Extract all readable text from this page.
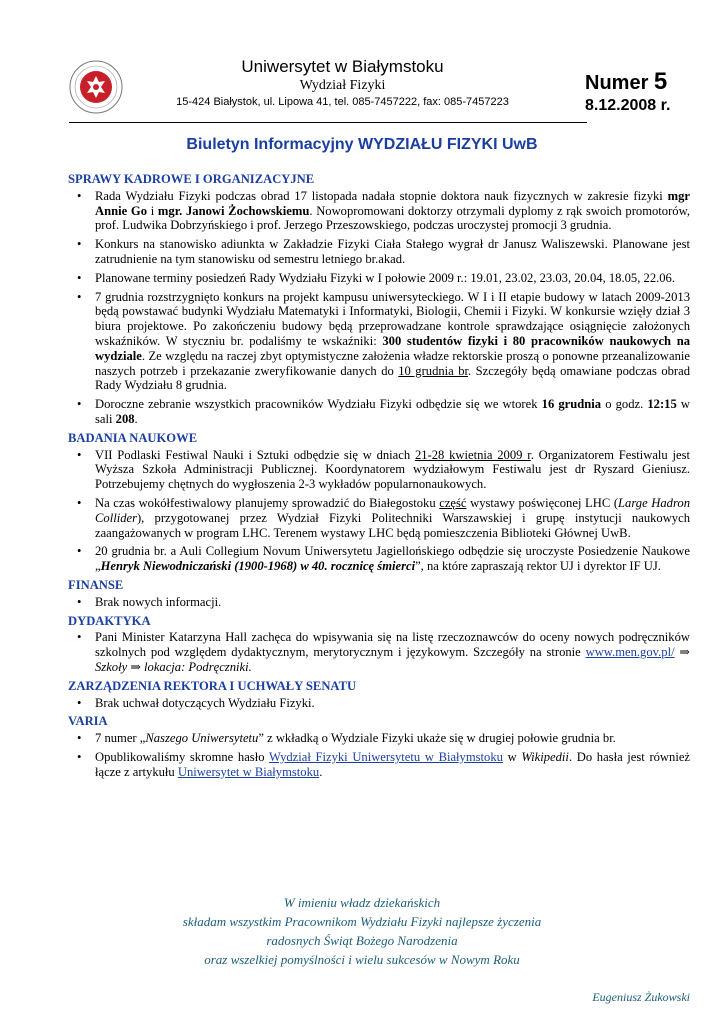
Uniwersytet w Białymstoku
Wydział Fizyki
15-424 Białystok, ul. Lipowa 41, tel. 085-7457222, fax: 085-7457223
Numer 5
8.12.2008 r.
Biuletyn Informacyjny WYDZIAŁU FIZYKI UwB

SPRAWY KADROWE I ORGANIZACYJNE

• Rada Wydziału Fizyki podczas obrad 17 listopada nadała stopnie doktora nauk fizycznych w zakresie fizyki mgr Annie Go i mgr. Janowi Żochowskiemu. Nowopromowani doktorzy otrzymali dyplomy z rąk swoich promotorów, prof. Ludwika Dobrzyńskiego i prof. Jerzego Przeszowskiego, podczas uroczystej promocji 3 grudnia.
• Konkurs na stanowisko adiunkta w Zakładzie Fizyki Ciała Stałego wygrał dr Janusz Waliszewski. Planowane jest zatrudnienie na tym stanowisku od semestru letniego br.akad.
• Planowane terminy posiedzeń Rady Wydziału Fizyki w I połowie 2009 r.: 19.01, 23.02, 23.03, 20.04, 18.05, 22.06.
• 7 grudnia rozstrzygnięto konkurs na projekt kampusu uniwersyteckiego. W I i II etapie budowy w latach 2009-2013 będą powstawać budynki Wydziału Matematyki i Informatyki, Biologii, Chemii i Fizyki. W konkursie wzięły dział 3 biura projektowe. Po zakończeniu budowy będą przeprowadzane kontrole sprawdzające osiągnięcie założonych wskaźników. W styczniu br. podaliśmy te wskaźniki: 300 studentów fizyki i 80 pracowników naukowych na wydziale. Ze względu na raczej zbyt optymistyczne założenia władze rektorskie proszą o ponowne przeanalizowanie naszych potrzeb i przekazanie zweryfikowanie danych do 10 grudnia br. Szczegóły będą omawiane podczas obrad Rady Wydziału 8 grudnia.
• Doroczne zebranie wszystkich pracowników Wydziału Fizyki odbędzie się we wtorek 16 grudnia o godz. 12:15 w sali 208.

BADANIA NAUKOWE

• VII Podlaski Festiwal Nauki i Sztuki odbędzie się w dniach 21-28 kwietnia 2009 r. Organizatorem Festiwalu jest Wyższa Szkoła Administracji Publicznej. Koordynatorem wydziałowym Festiwalu jest dr Ryszard Gieniusz. Potrzebujemy chętnych do wygłoszenia 2-3 wykładów popularnonaukowych.
• Na czas wokółfestiwalowy planujemy sprowadzić do Białegostoku część wystawy poświęconej LHC (Large Hadron Collider), przygotowanej przez Wydział Fizyki Politechniki Warszawskiej i grupę instytucji naukowych zaangażowanych w program LHC. Terenem wystawy LHC będą pomieszczenia Biblioteki Głównej UwB.
• 20 grudnia br. a Auli Collegium Novum Uniwersytetu Jagiellońskiego odbędzie się uroczyste Posiedzenie Naukowe „Henryk Niewodniczański (1900-1968) w 40. rocznicę śmierci”, na które zapraszają rektor UJ i dyrektor IF UJ.

FINANSE

• Brak nowych informacji.

DYDAKTYKA

• Pani Minister Katarzyna Hall zachęca do wpisywania się na listę rzeczoznawców do oceny nowych podręczników szkolnych pod względem dydaktycznym, merytorycznym i językowym. Szczegóły na stronie www.men.gov.pl/ ⇒ Szkoły ⇒ lokacja: Podręczniki.

ZARZĄDZENIA REKTORA I UCHWAŁY SENATU

• Brak uchwał dotyczących Wydziału Fizyki.

VARIA

• 7 numer „Naszego Uniwersytetu” z wkładką o Wydziale Fizyki ukaże się w drugiej połowie grudnia br.
• Opublikowaliśmy skromne hasło Wydział Fizyki Uniwersytetu w Białymstoku w Wikipedii. Do hasła jest również łącze z artykułu Uniwersytet w Białymstoku.
W imieniu władz dziekańskich
składam wszystkim Pracownikom Wydziału Fizyki najlepsze życzenia
radosnych Świąt Bożego Narodzenia
oraz wszelkiej pomyślności i wielu sukcesów w Nowym Roku
Eugeniusz Żukowski
